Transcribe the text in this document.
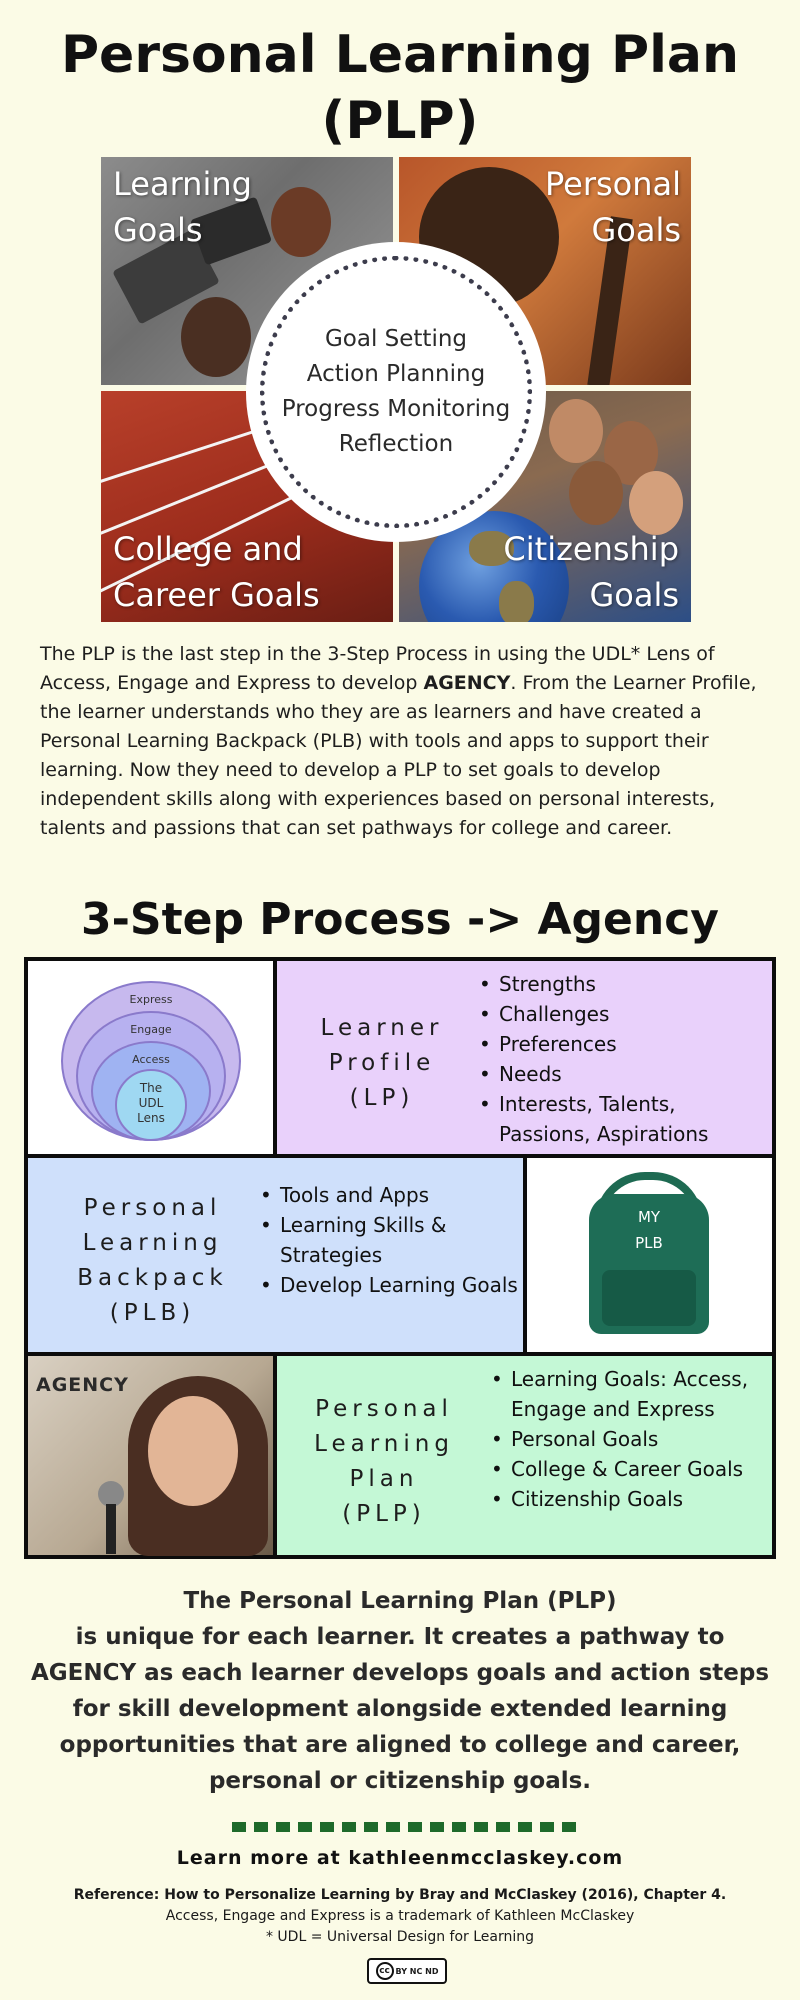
Personal Learning Plan
(PLP)
Learning
Goals
Personal
Goals
College and
Career Goals
Citizenship
Goals
Goal Setting
Action Planning
Progress Monitoring
Reflection

The PLP is the last step in the 3-Step Process in using the UDL* Lens of Access, Engage and Express to develop AGENCY. From the Learner Profile, the learner understands who they are as learners and have created a Personal Learning Backpack (PLB) with tools and apps to support their learning. Now they need to develop a PLP to set goals to develop independent skills along with experiences based on personal interests, talents and passions that can set pathways for college and career.

3-Step Process -> Agency
Express
Engage
Access
The
UDL
Lens
Learner
Profile
(LP)
• Strengths
• Challenges
• Preferences
• Needs
• Interests, Talents, Passions, Aspirations
Personal
Learning
Backpack
(PLB)
• Tools and Apps
• Learning Skills & Strategies
• Develop Learning Goals
MY
PLB
AGENCY
Personal
Learning
Plan
(PLP)
• Learning Goals: Access, Engage and Express
• Personal Goals
• College & Career Goals
• Citizenship Goals

The Personal Learning Plan (PLP)
is unique for each learner. It creates a pathway to AGENCY as each learner develops goals and action steps for skill development alongside extended learning opportunities that are aligned to college and career, personal or citizenship goals.

Learn more at kathleenmcclaskey.com
Reference: How to Personalize Learning by Bray and McClaskey (2016), Chapter 4.
Access, Engage and Express is a trademark of Kathleen McClaskey
* UDL = Universal Design for Learning
cc BY NC ND
